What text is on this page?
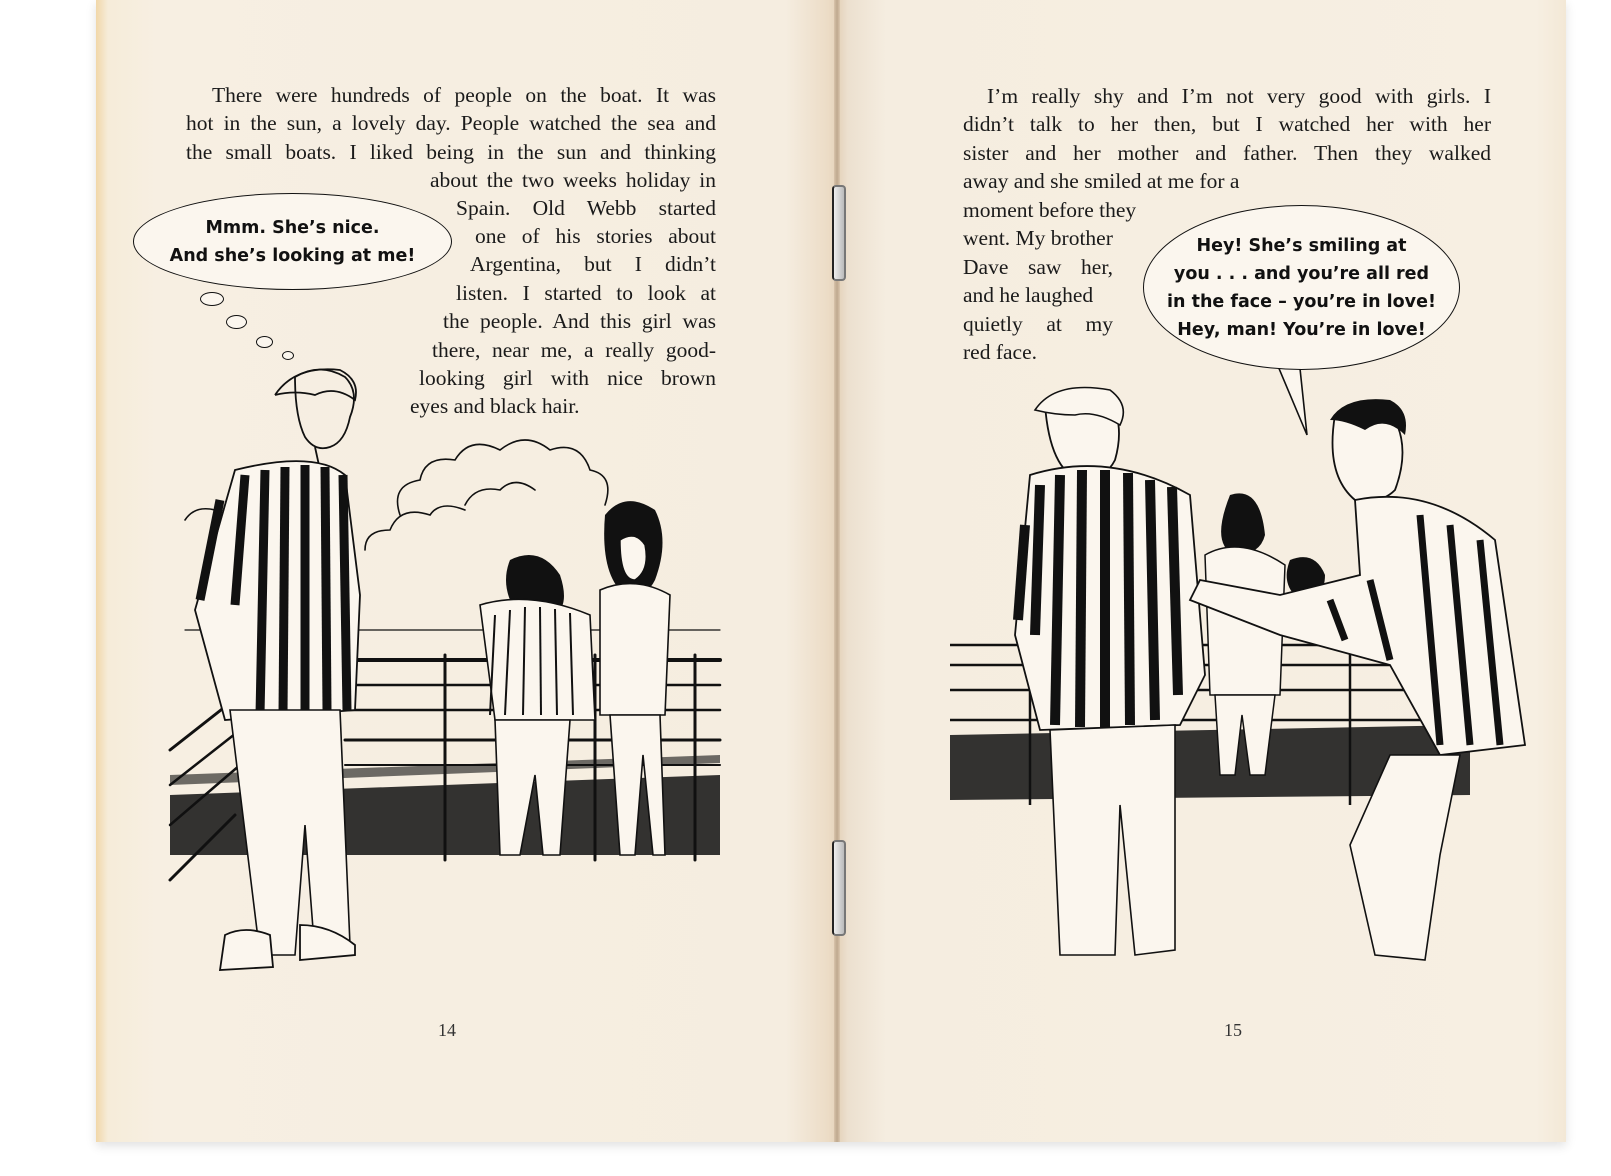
There were hundreds of people on the boat. It was
hot in the sun, a lovely day. People watched the sea and
the small boats. I liked being in the sun and thinking

about the two weeks holiday in

Spain. Old Webb started

one of his stories about

Argentina, but I didn’t

listen. I started to look at

the people. And this girl was

there, near me, a really good-

looking girl with nice brown

eyes and black hair.

Mmm. She’s nice.
And she’s looking at me!
14

I’m really shy and I’m not very good with girls. I
didn’t talk to her then, but I watched her with her
sister and her mother and father. Then they walked
away and she smiled at me for a

moment before they
went. My brother

Dave saw her,
and he laughed
quietly at my
red face.

Hey! She’s smiling at
you . . . and you’re all red
in the face – you’re in love!
Hey, man! You’re in love!
15
